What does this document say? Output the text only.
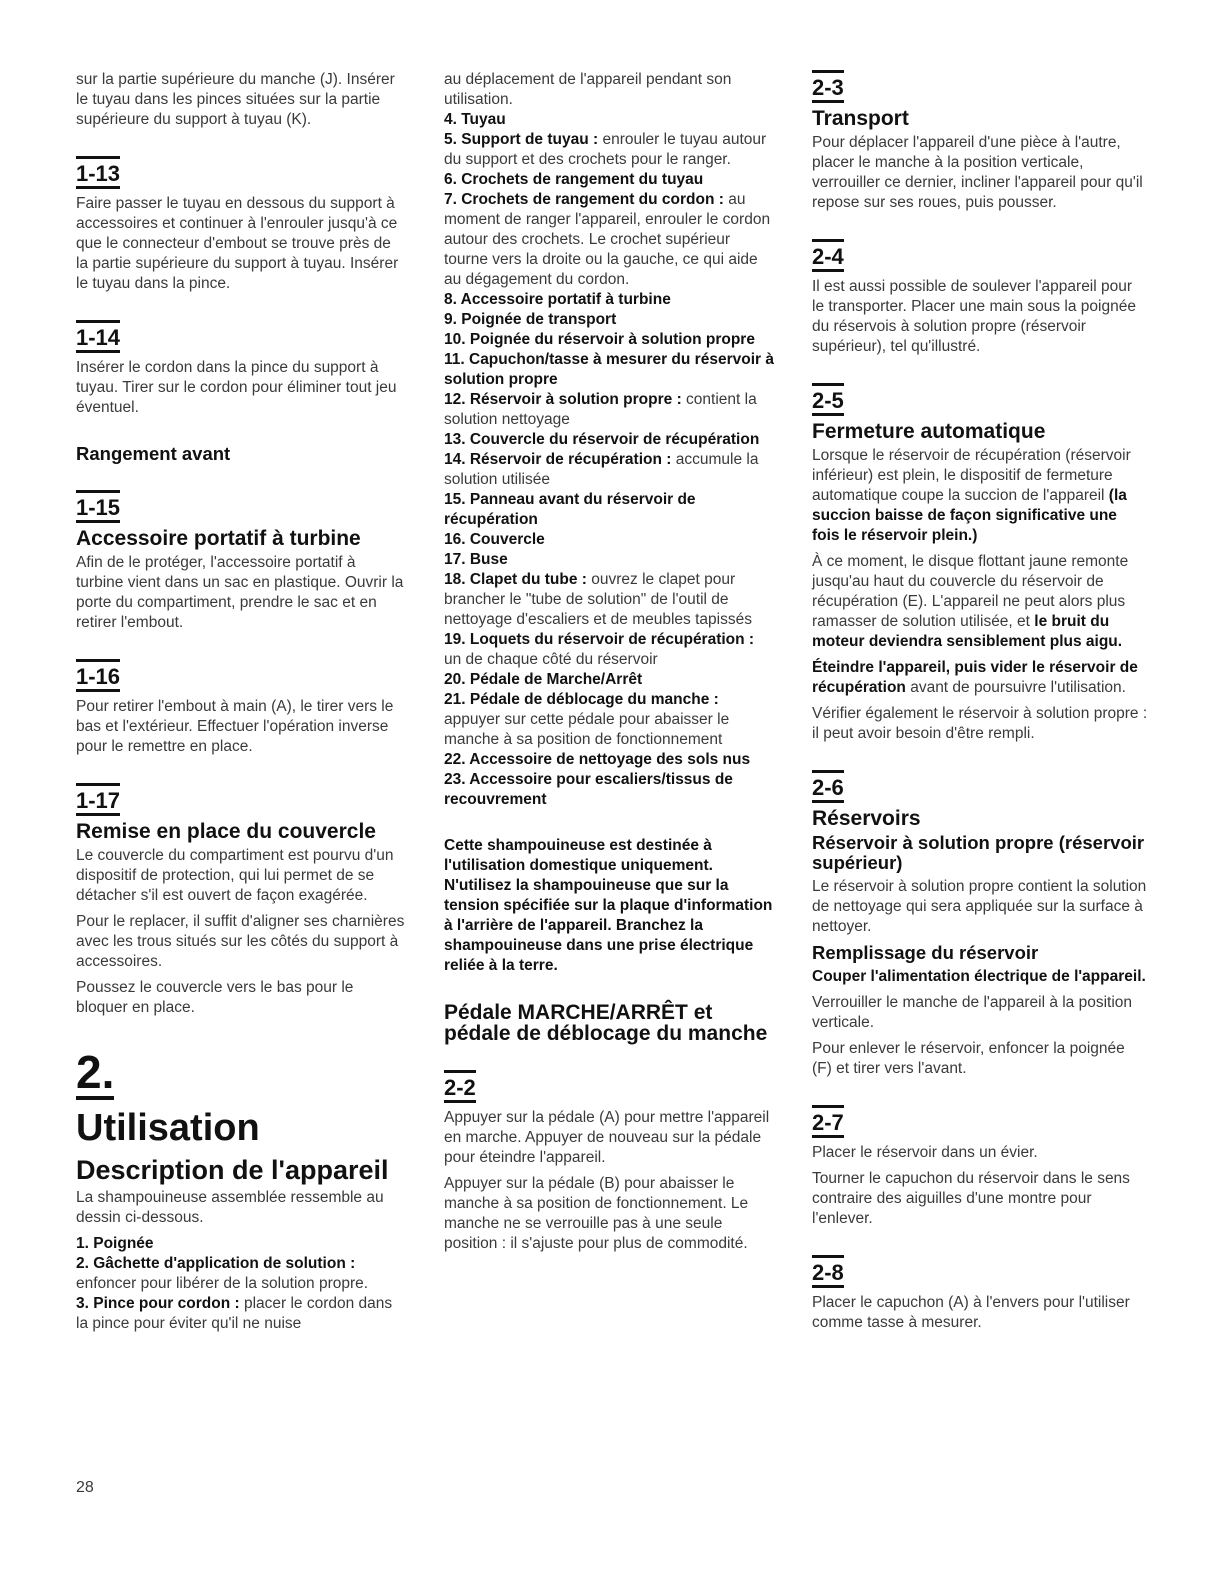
sur la partie supérieure du manche (J). Insérer le tuyau dans les pinces situées sur la partie supérieure du support à tuyau (K).

1-13

Faire passer le tuyau en dessous du support à accessoires et continuer à l'enrouler jusqu'à ce que le connecteur d'embout se trouve près de la partie supérieure du support à tuyau. Insérer le tuyau dans la pince.

1-14

Insérer le cordon dans la pince du support à tuyau. Tirer sur le cordon pour éliminer tout jeu éventuel.

Rangement avant
1-15
Accessoire portatif à turbine

Afin de le protéger, l'accessoire portatif à turbine vient dans un sac en plastique. Ouvrir la porte du compartiment, prendre le sac et en retirer l'embout.

1-16

Pour retirer l'embout à main (A), le tirer vers le bas et l'extérieur. Effectuer l'opération inverse pour le remettre en place.

1-17
Remise en place du couvercle

Le couvercle du compartiment est pourvu d'un dispositif de protection, qui lui permet de se détacher s'il est ouvert de façon exagérée.

Pour le replacer, il suffit d'aligner ses charnières avec les trous situés sur les côtés du support à accessoires.

Poussez le couvercle vers le bas pour le bloquer en place.

2.
Utilisation
Description de l'appareil

La shampouineuse assemblée ressemble au dessin ci-dessous.

1. Poignée

2. Gâchette d'application de solution : enfoncer pour libérer de la solution propre.

3. Pince pour cordon : placer le cordon dans la pince pour éviter qu'il ne nuise

au déplacement de l'appareil pendant son utilisation.

4. Tuyau

5. Support de tuyau : enrouler le tuyau autour du support et des crochets pour le ranger.

6. Crochets de rangement du tuyau

7. Crochets de rangement du cordon : au moment de ranger l'appareil, enrouler le cordon autour des crochets. Le crochet supérieur tourne vers la droite ou la gauche, ce qui aide au dégagement du cordon.

8. Accessoire portatif à turbine

9. Poignée de transport

10. Poignée du réservoir à solution propre

11. Capuchon/tasse à mesurer du réservoir à solution propre

12. Réservoir à solution propre : contient la solution nettoyage

13. Couvercle du réservoir de récupération

14. Réservoir de récupération : accumule la solution utilisée

15. Panneau avant du réservoir de récupération

16. Couvercle

17. Buse

18. Clapet du tube : ouvrez le clapet pour brancher le "tube de solution" de l'outil de nettoyage d'escaliers et de meubles tapissés

19. Loquets du réservoir de récupération : un de chaque côté du réservoir

20. Pédale de Marche/Arrêt

21. Pédale de déblocage du manche : appuyer sur cette pédale pour abaisser le manche à sa position de fonctionnement

22. Accessoire de nettoyage des sols nus

23. Accessoire pour escaliers/tissus de recouvrement

Cette shampouineuse est destinée à l'utilisation domestique uniquement. N'utilisez la shampouineuse que sur la tension spécifiée sur la plaque d'information à l'arrière de l'appareil. Branchez la shampouineuse dans une prise électrique reliée à la terre.
Pédale MARCHE/ARRÊT et pédale de déblocage du manche
2-2

Appuyer sur la pédale (A) pour mettre l'appareil en marche. Appuyer de nouveau sur la pédale pour éteindre l'appareil.

Appuyer sur la pédale (B) pour abaisser le manche à sa position de fonctionnement. Le manche ne se verrouille pas à une seule position : il s'ajuste pour plus de commodité.

2-3
Transport

Pour déplacer l'appareil d'une pièce à l'autre, placer le manche à la position verticale, verrouiller ce dernier, incliner l'appareil pour qu'il repose sur ses roues, puis pousser.

2-4

Il est aussi possible de soulever l'appareil pour le transporter. Placer une main sous la poignée du réservois à solution propre (réservoir supérieur), tel qu'illustré.

2-5
Fermeture automatique

Lorsque le réservoir de récupération (réservoir inférieur) est plein, le dispositif de fermeture automatique coupe la succion de l'appareil (la succion baisse de façon significative une fois le réservoir plein.)

À ce moment, le disque flottant jaune remonte jusqu'au haut du couvercle du réservoir de récupération (E). L'appareil ne peut alors plus ramasser de solution utilisée, et le bruit du moteur deviendra sensiblement plus aigu.

Éteindre l'appareil, puis vider le réservoir de récupération avant de poursuivre l'utilisation.

Vérifier également le réservoir à solution propre : il peut avoir besoin d'être rempli.

2-6
Réservoirs
Réservoir à solution propre (réservoir supérieur)

Le réservoir à solution propre contient la solution de nettoyage qui sera appliquée sur la surface à nettoyer.

Remplissage du réservoir

Couper l'alimentation électrique de l'appareil.

Verrouiller le manche de l'appareil à la position verticale.

Pour enlever le réservoir, enfoncer la poignée (F) et tirer vers l'avant.

2-7

Placer le réservoir dans un évier.

Tourner le capuchon du réservoir dans le sens contraire des aiguilles d'une montre pour l'enlever.

2-8

Placer le capuchon (A) à l'envers pour l'utiliser comme tasse à mesurer.

28
